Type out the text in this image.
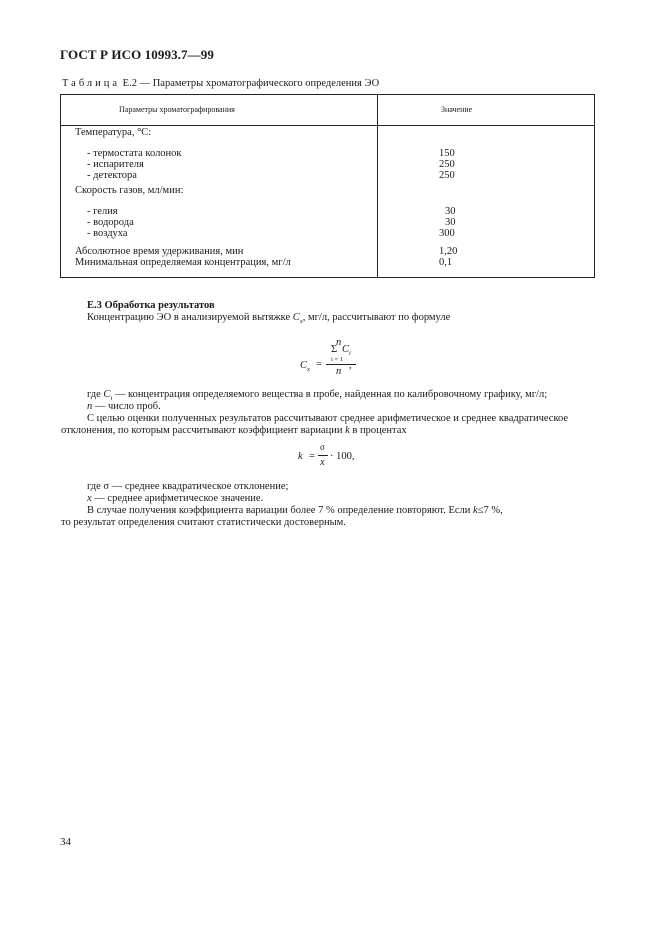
ГОСТ Р ИСО 10993.7—99
Таблица Е.2 — Параметры хроматографического определения ЭО
Параметры хроматографирования	Значение
Температура, °С:
- термостата колонок	150
- испарителя	250
- детектора	250
Скорость газов, мл/мин:
- гелия	30
- водорода	30
- воздуха	300
Абсолютное время удерживания, мин	1,20
Минимальная определяемая концентрация, мг/л	0,1
Е.3 Обработка результатов
Концентрацию ЭО в анализируемой вытяжке $C_x$, мг/л, рассчитывают по формуле
n
Σ $C_i$
$C_x = i = 1$
n
,
где $C_i$ — концентрация определяемого вещества в пробе, найденная по калибровочному графику, мг/л;
n — число проб.
С целью оценки полученных результатов рассчитывают среднее арифметическое и среднее квадратическое
отклонения, по которым рассчитывают коэффициент вариации k в процентах
k =
σ
x
· 100,
где σ — среднее квадратическое отклонение;
x — среднее арифметическое значение.
В случае получения коэффициента вариации более 7 % определение повторяют. Если k≤7 %,
то результат определения считают статистически достоверным.
34
